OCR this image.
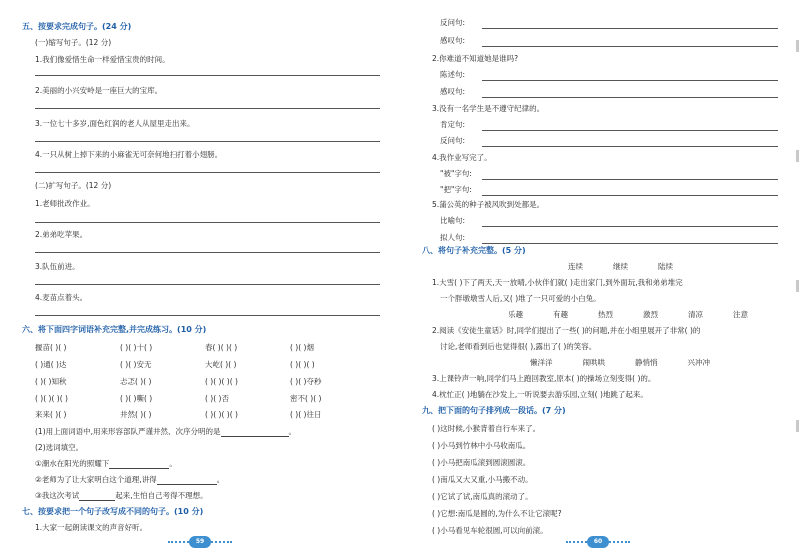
五、按要求完成句子。(24 分)
(一)缩写句子。(12 分)
1.我们像爱惜生命一样爱惜宝贵的时间。
2.美丽的小兴安岭是一座巨大的宝库。
3.一位七十多岁,面色红润的老人从屋里走出来。
4.一只从树上掉下来的小麻雀无可奈何地扫打着小翅膀。
(二)扩写句子。(12 分)
1.老师批改作业。
2.弟弟吃苹果。
3.队伍前进。
4.麦苗点着头。
六、将下面四字词语补充完整,并完成练习。(10 分)
揠苗( )( )	( )( )十( )	春( )( )( )	( )( )烟
( )通( )达	( )( )安无	大屹( )( )	( )( )( )
( )( )知秋	忐忑( )( )	( )( )( )( )	( )( )夺秒
( )( )( )( )	( )( )嘶( )	( )( )否	密不( )( )
来来( )( )	井然( )( )	( )( )( )( )	( )( )往日
(1)用上面词语中,用来形容部队严谨井然、次序分明的是	。
(2)选词填空。
①潮水在阳光的照耀下	。
②老师为了让大家明白这个道理,讲得	。
③我这次考试	起来,生怕自己考得不理想。
七、按要求把一个句子改写成不同的句子。(10 分)
1.大家一起朗读课文的声音好听。
59
反问句:
感叹句:
2.你难道不知道她是谁吗?
陈述句:
感叹句:
3.没有一名学生是不遵守纪律的。
肯定句:
反问句:
4.我作业写完了。
"被"字句:
"把"字句:
5.蒲公英的种子被风吹到处都是。
比喻句:
拟人句:
八、将句子补充完整。(5 分)
连续	继续	陆续
1.大雪( )下了两天,天一放晴,小伙伴们就( )走出家门,到外面玩,我和弟弟堆完
一个胖墩墩雪人后,又( )堆了一只可爱的小白兔。
乐趣	有趣	热烈	激烈	清凉	注意
2.阅读《安徒生童话》时,同学们提出了一些( )的问题,并在小组里展开了非常( )的
讨论,老师看到后也觉得很( ),露出了( )的笑容。
懒洋洋	闹哄哄	静悄悄	兴冲冲
3.上课铃声一响,同学们马上跑回教室,原本( )的操场立刻变得( )的。
4.枕忙正( )地躺在沙发上,一听说要去游乐园,立刻( )地跳了起来。
九、把下面的句子排列成一段话。(7 分)
( )这时候,小猴背着自行车来了。
( )小马到竹林中小马收南瓜。
( )小马把南瓜滚到圆滚圆滚。
( )南瓜又大又重,小马搬不动。
( )它试了试,南瓜真的滚动了。
( )它想:南瓜是圆的,为什么不让它滚呢?
( )小马看见车轮很圆,可以向前滚。
60
